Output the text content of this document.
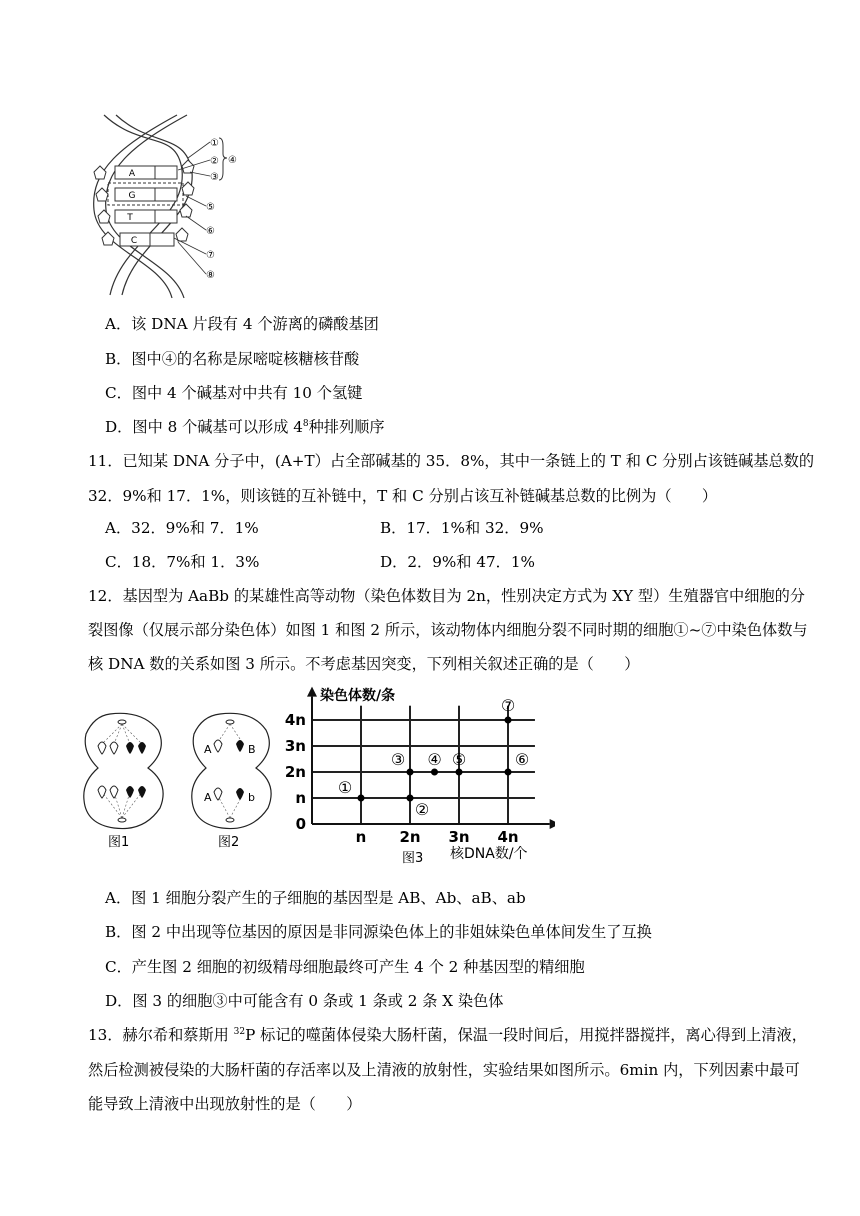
A
G
T
C
①
②
③
④
⑤
⑥
⑦
⑧
A．该 DNA 片段有 4 个游离的磷酸基团
B．图中④的名称是尿嘧啶核糖核苷酸
C．图中 4 个碱基对中共有 10 个氢键
D．图中 8 个碱基可以形成 $4^8$种排列顺序
11．已知某 DNA 分子中，(A+T）占全部碱基的 35．8%，其中一条链上的 T 和 C 分别占该链碱基总数的
32．9%和 17．1%，则该链的互补链中，T 和 C 分别占该互补链碱基总数的比例为（　　）
A．32．9%和 7．1%	B．17．1%和 32．9%
C．18．7%和 1．3%	D．2．9%和 47．1%
12．基因型为 AaBb 的某雄性高等动物（染色体数目为 2n，性别决定方式为 XY 型）生殖器官中细胞的分
裂图像（仅展示部分染色体）如图 1 和图 2 所示，该动物体内细胞分裂不同时期的细胞①~⑦中染色体数与
核 DNA 数的关系如图 3 所示。不考虑基因突变，下列相关叙述正确的是（　　）
图1
A	B
A	b
图2
染色体数/条
核DNA数/个
图3
0
n
2n
3n
4n
n 2n 3n 4n
①
②
③ ④ ⑤	⑥
⑦
A．图 1 细胞分裂产生的子细胞的基因型是 AB、Ab、aB、ab
B．图 2 中出现等位基因的原因是非同源染色体上的非姐妹染色单体间发生了互换
C．产生图 2 细胞的初级精母细胞最终可产生 4 个 2 种基因型的精细胞
D．图 3 的细胞③中可能含有 0 条或 1 条或 2 条 X 染色体
13．赫尔希和蔡斯用 $^{32}$P 标记的噬菌体侵染大肠杆菌，保温一段时间后，用搅拌器搅拌，离心得到上清液，
然后检测被侵染的大肠杆菌的存活率以及上清液的放射性，实验结果如图所示。6min 内，下列因素中最可
能导致上清液中出现放射性的是（　　）
